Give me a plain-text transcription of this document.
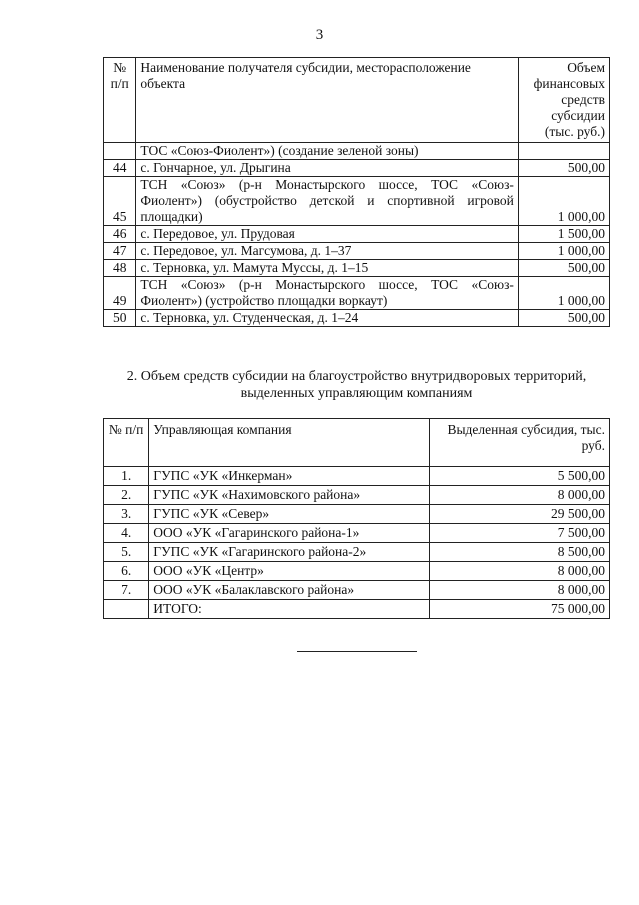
3
№ п/п	Наименование получателя субсидии, месторасположение объекта	Объем финансовых средств субсидии (тыс. руб.)
	ТОС «Союз-Фиолент») (создание зеленой зоны)	
44	с. Гончарное, ул. Дрыгина	500,00
45	ТСН «Союз» (р-н Монастырского шоссе, ТОС «Союз-Фиолент») (обустройство детской и спортивной игровой площадки)	1 000,00
46	с. Передовое, ул. Прудовая	1 500,00
47	с. Передовое, ул. Магсумова, д. 1–37	1 000,00
48	с. Терновка, ул. Мамута Муссы, д. 1–15	500,00
49	ТСН «Союз» (р-н Монастырского шоссе, ТОС «Союз-Фиолент») (устройство площадки воркаут)	1 000,00
50	с. Терновка, ул. Студенческая, д. 1–24	500,00
2. Объем средств субсидии на благоустройство внутридворовых территорий, выделенных управляющим компаниям
№ п/п	Управляющая компания	Выделенная субсидия, тыс. руб.
1.	ГУПС «УК «Инкерман»	5 500,00
2.	ГУПС «УК «Нахимовского района»	8 000,00
3.	ГУПС «УК «Север»	29 500,00
4.	ООО «УК «Гагаринского района-1»	7 500,00
5.	ГУПС «УК «Гагаринского района-2»	8 500,00
6.	ООО «УК «Центр»	8 000,00
7.	ООО «УК «Балаклавского района»	8 000,00
	ИТОГО:	75 000,00
